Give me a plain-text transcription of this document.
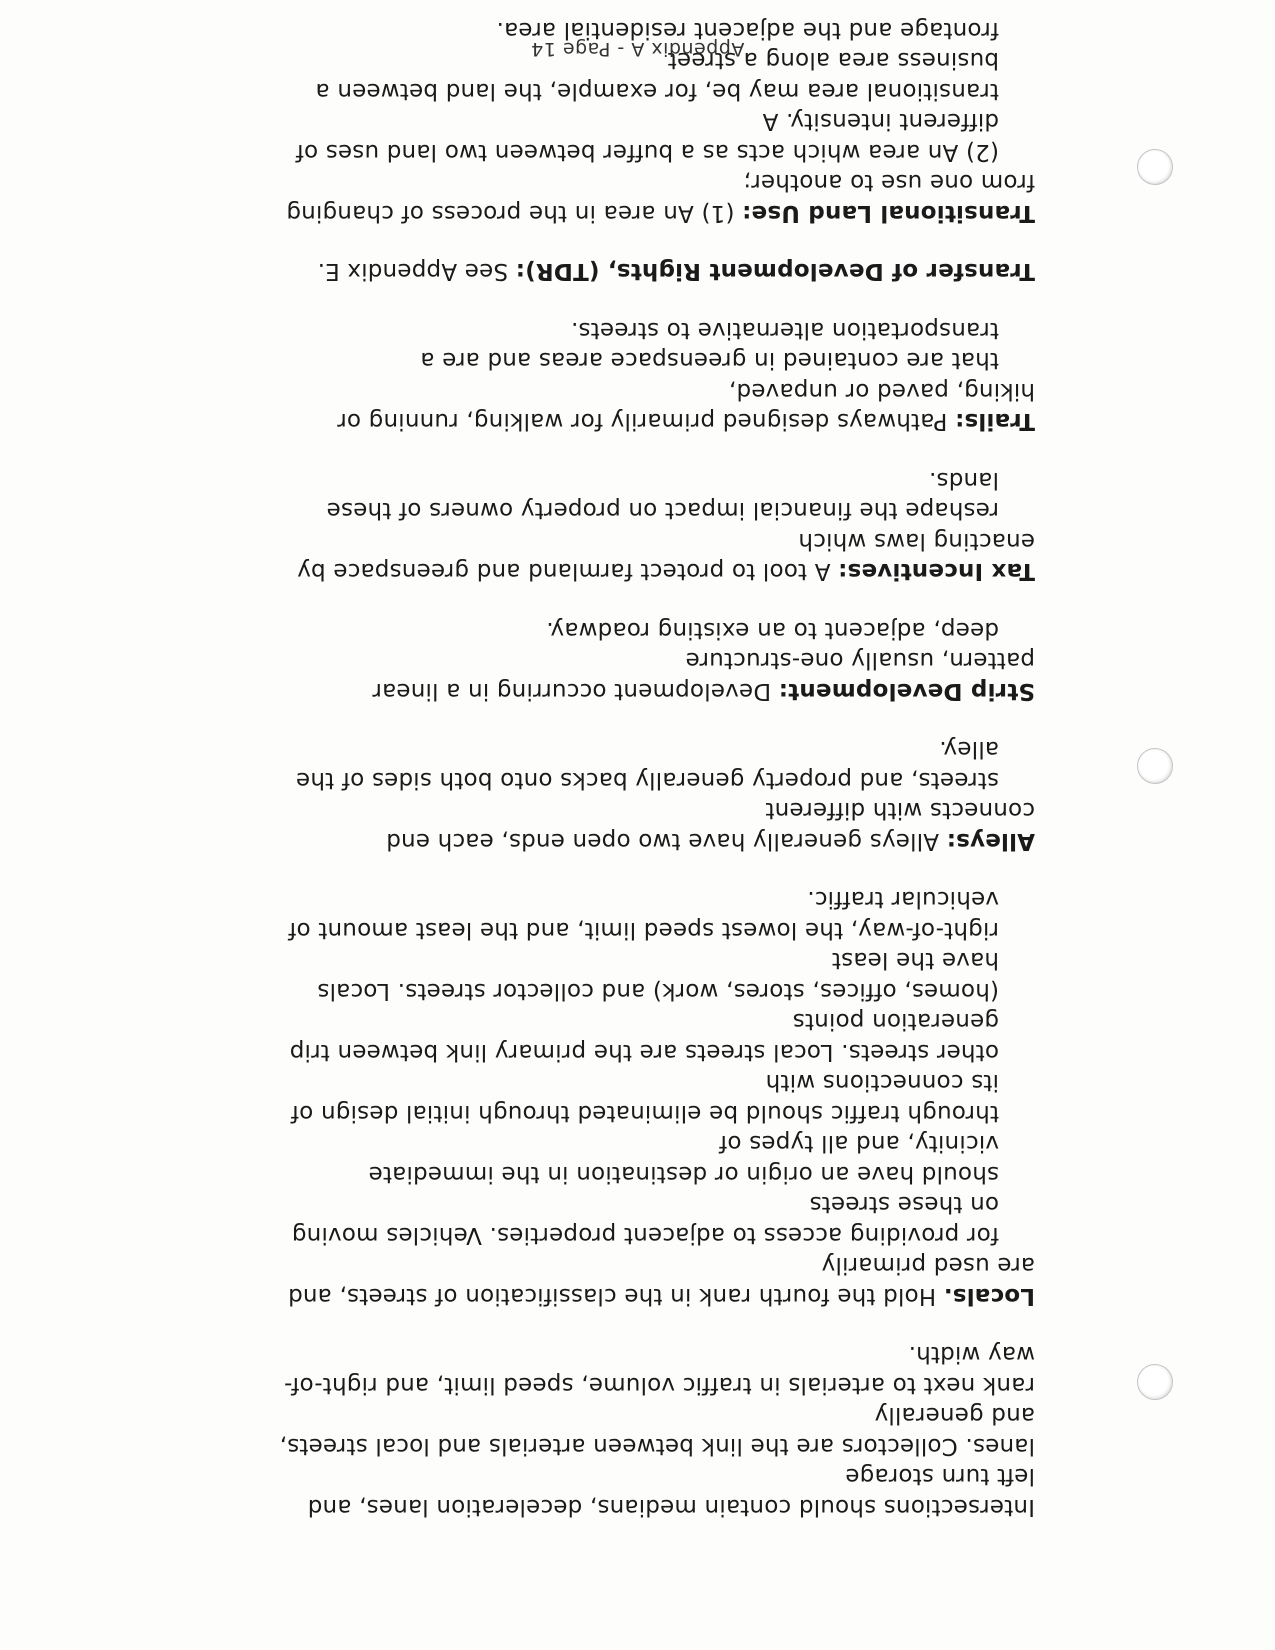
Intersections should contain medians, deceleration lanes, and left turn storage

lanes. Collectors are the link between arterials and local streets, and generally

rank next to arterials in traffic volume, speed limit, and right-of-way width.

Locals. Hold the fourth rank in the classification of streets, and are used primarily

for providing access to adjacent properties. Vehicles moving on these streets

should have an origin or destination in the immediate vicinity, and all types of

through traffic should be eliminated through initial design of its connections with

other streets. Local streets are the primary link between trip generation points

(homes, offices, stores, work) and collector streets. Locals have the least

right-of-way, the lowest speed limit, and the least amount of vehicular traffic.

Alleys: Alleys generally have two open ends, each end connects with different

streets, and property generally backs onto both sides of the alley.

Strip Development: Development occurring in a linear pattern, usually one-structure

deep, adjacent to an existing roadway.

Tax Incentives: A tool to protect farmland and greenspace by enacting laws which

reshape the financial impact on property owners of these lands.

Trails: Pathways designed primarily for walking, running or hiking, paved or unpaved,

that are contained in greenspace areas and are a transportation alternative to streets.

Transfer of Development Rights, (TDR): See Appendix E.

Transitional Land Use: (1) An area in the process of changing from one use to another;

(2) An area which acts as a buffer between two land uses of different intensity. A

transitional area may be, for example, the land between a business area along a street

frontage and the adjacent residential area.

Appendix A - Page 14
